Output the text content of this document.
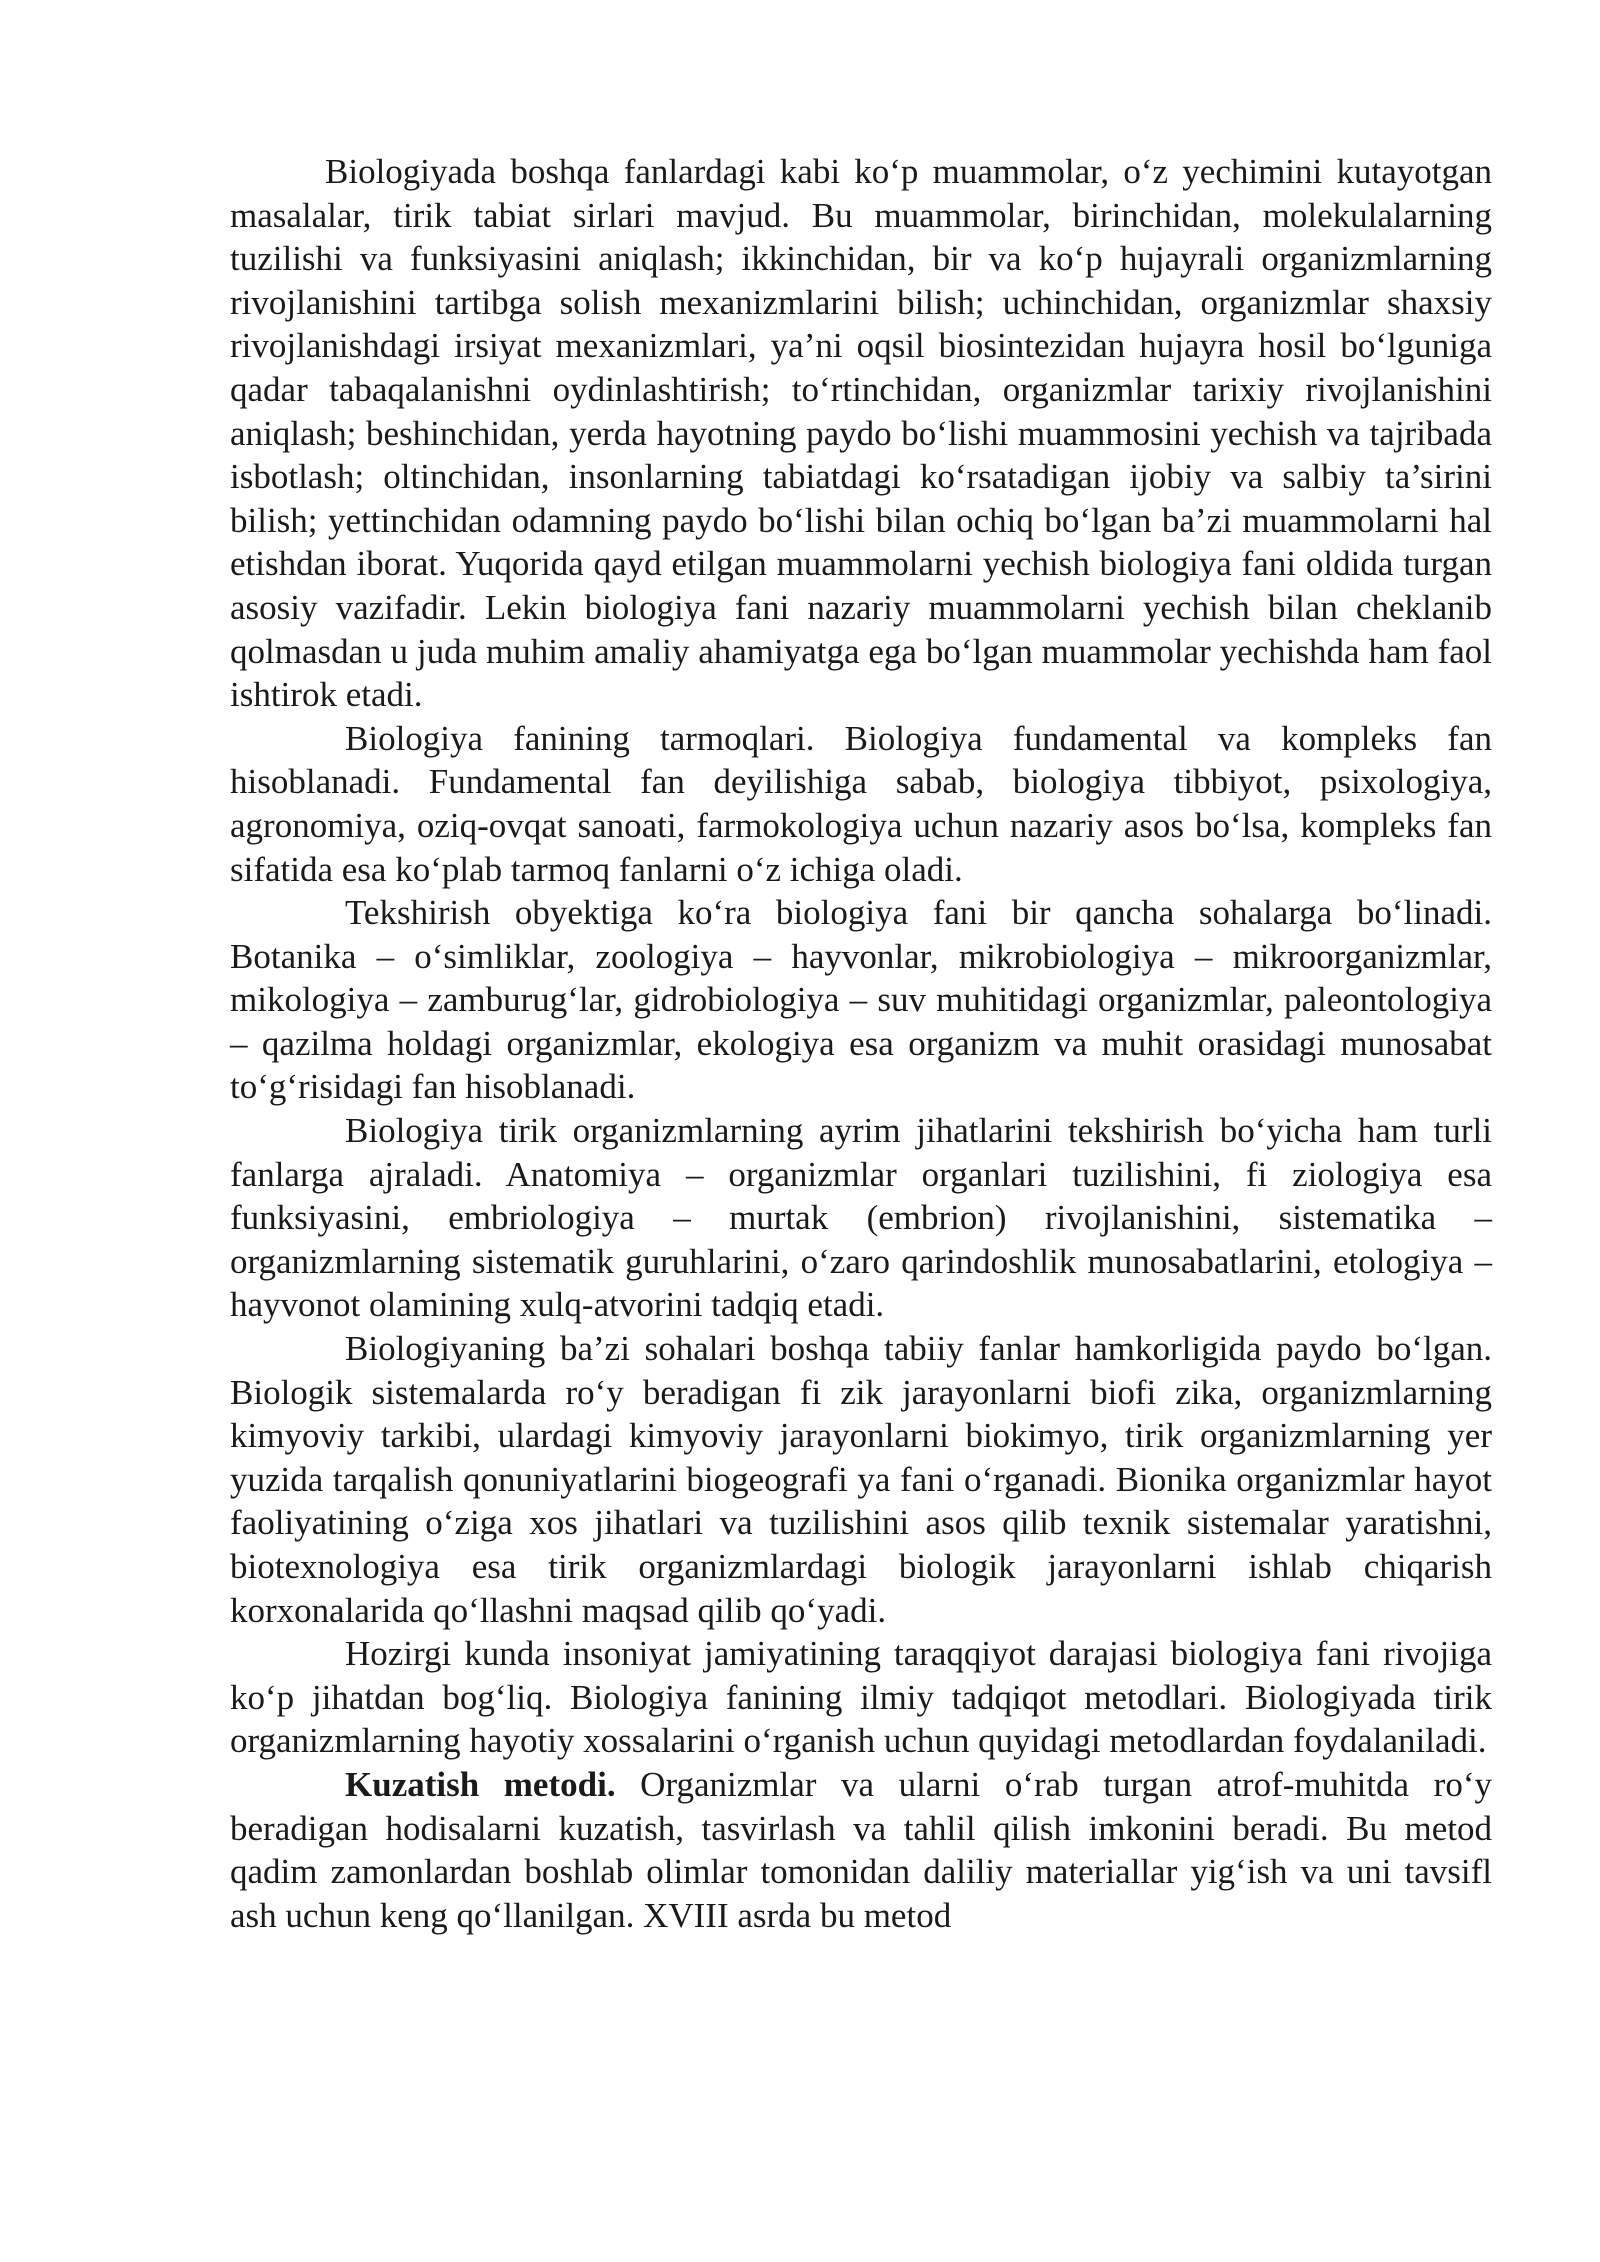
Biologiyada boshqa fanlardagi kabi ko‘p muammolar, o‘z yechimini kutayotgan masalalar, tirik tabiat sirlari mavjud. Bu muammolar, birinchidan, molekulalarning tuzilishi va funksiyasini aniqlash; ikkinchidan, bir va ko‘p hujayrali organizmlarning rivojlanishini tartibga solish mexanizmlarini bilish; uchinchidan, organizmlar shaxsiy rivojlanishdagi irsiyat mexanizmlari, ya’ni oqsil biosintezidan hujayra hosil bo‘lguniga qadar tabaqalanishni oydinlashtirish; to‘rtinchidan, organizmlar tarixiy rivojlanishini aniqlash; beshinchidan, yerda hayotning paydo bo‘lishi muammosini yechish va tajribada isbotlash; oltinchidan, insonlarning tabiatdagi ko‘rsatadigan ijobiy va salbiy ta’sirini bilish; yettinchidan odamning paydo bo‘lishi bilan ochiq bo‘lgan ba’zi muammolarni hal etishdan iborat. Yuqorida qayd etilgan muammolarni yechish biologiya fani oldida turgan asosiy vazifadir. Lekin biologiya fani nazariy muammolarni yechish bilan cheklanib qolmasdan u juda muhim amaliy ahamiyatga ega bo‘lgan muammolar yechishda ham faol ishtirok etadi.

Biologiya fanining tarmoqlari. Biologiya fundamental va kompleks fan hisoblanadi. Fundamental fan deyilishiga sabab, biologiya tibbiyot, psixologiya, agronomiya, oziq-ovqat sanoati, farmokologiya uchun nazariy asos bo‘lsa, kompleks fan sifatida esa ko‘plab tarmoq fanlarni o‘z ichiga oladi.

Tekshirish obyektiga ko‘ra biologiya fani bir qancha sohalarga bo‘linadi. Botanika – o‘simliklar, zoologiya – hayvonlar, mikrobiologiya – mikroorganizmlar, mikologiya – zamburug‘lar, gidrobiologiya – suv muhitidagi organizmlar, paleontologiya – qazilma holdagi organizmlar, ekologiya esa organizm va muhit orasidagi munosabat to‘g‘risidagi fan hisoblanadi.

Biologiya tirik organizmlarning ayrim jihatlarini tekshirish bo‘yicha ham turli fanlarga ajraladi. Anatomiya – organizmlar organlari tuzilishini, fi ziologiya esa funksiyasini, embriologiya – murtak (embrion) rivojlanishini, sistematika – organizmlarning sistematik guruhlarini, o‘zaro qarindoshlik munosabatlarini, etologiya – hayvonot olamining xulq-atvorini tadqiq etadi.

Biologiyaning ba’zi sohalari boshqa tabiiy fanlar hamkorligida paydo bo‘lgan. Biologik sistemalarda ro‘y beradigan fi zik jarayonlarni biofi zika, organizmlarning kimyoviy tarkibi, ulardagi kimyoviy jarayonlarni biokimyo, tirik organizmlarning yer yuzida tarqalish qonuniyatlarini biogeografi ya fani o‘rganadi. Bionika organizmlar hayot faoliyatining o‘ziga xos jihatlari va tuzilishini asos qilib texnik sistemalar yaratishni, biotexnologiya esa tirik organizmlardagi biologik jarayonlarni ishlab chiqarish korxonalarida qo‘llashni maqsad qilib qo‘yadi.

Hozirgi kunda insoniyat jamiyatining taraqqiyot darajasi biologiya fani rivojiga ko‘p jihatdan bog‘liq. Biologiya fanining ilmiy tadqiqot metodlari. Biologiyada tirik organizmlarning hayotiy xossalarini o‘rganish uchun quyidagi metodlardan foydalaniladi.

Kuzatish metodi. Organizmlar va ularni o‘rab turgan atrof-muhitda ro‘y beradigan hodisalarni kuzatish, tasvirlash va tahlil qilish imkonini beradi. Bu metod qadim zamonlardan boshlab olimlar tomonidan daliliy materiallar yig‘ish va uni tavsifl ash uchun keng qo‘llanilgan. XVIII asrda bu metod
